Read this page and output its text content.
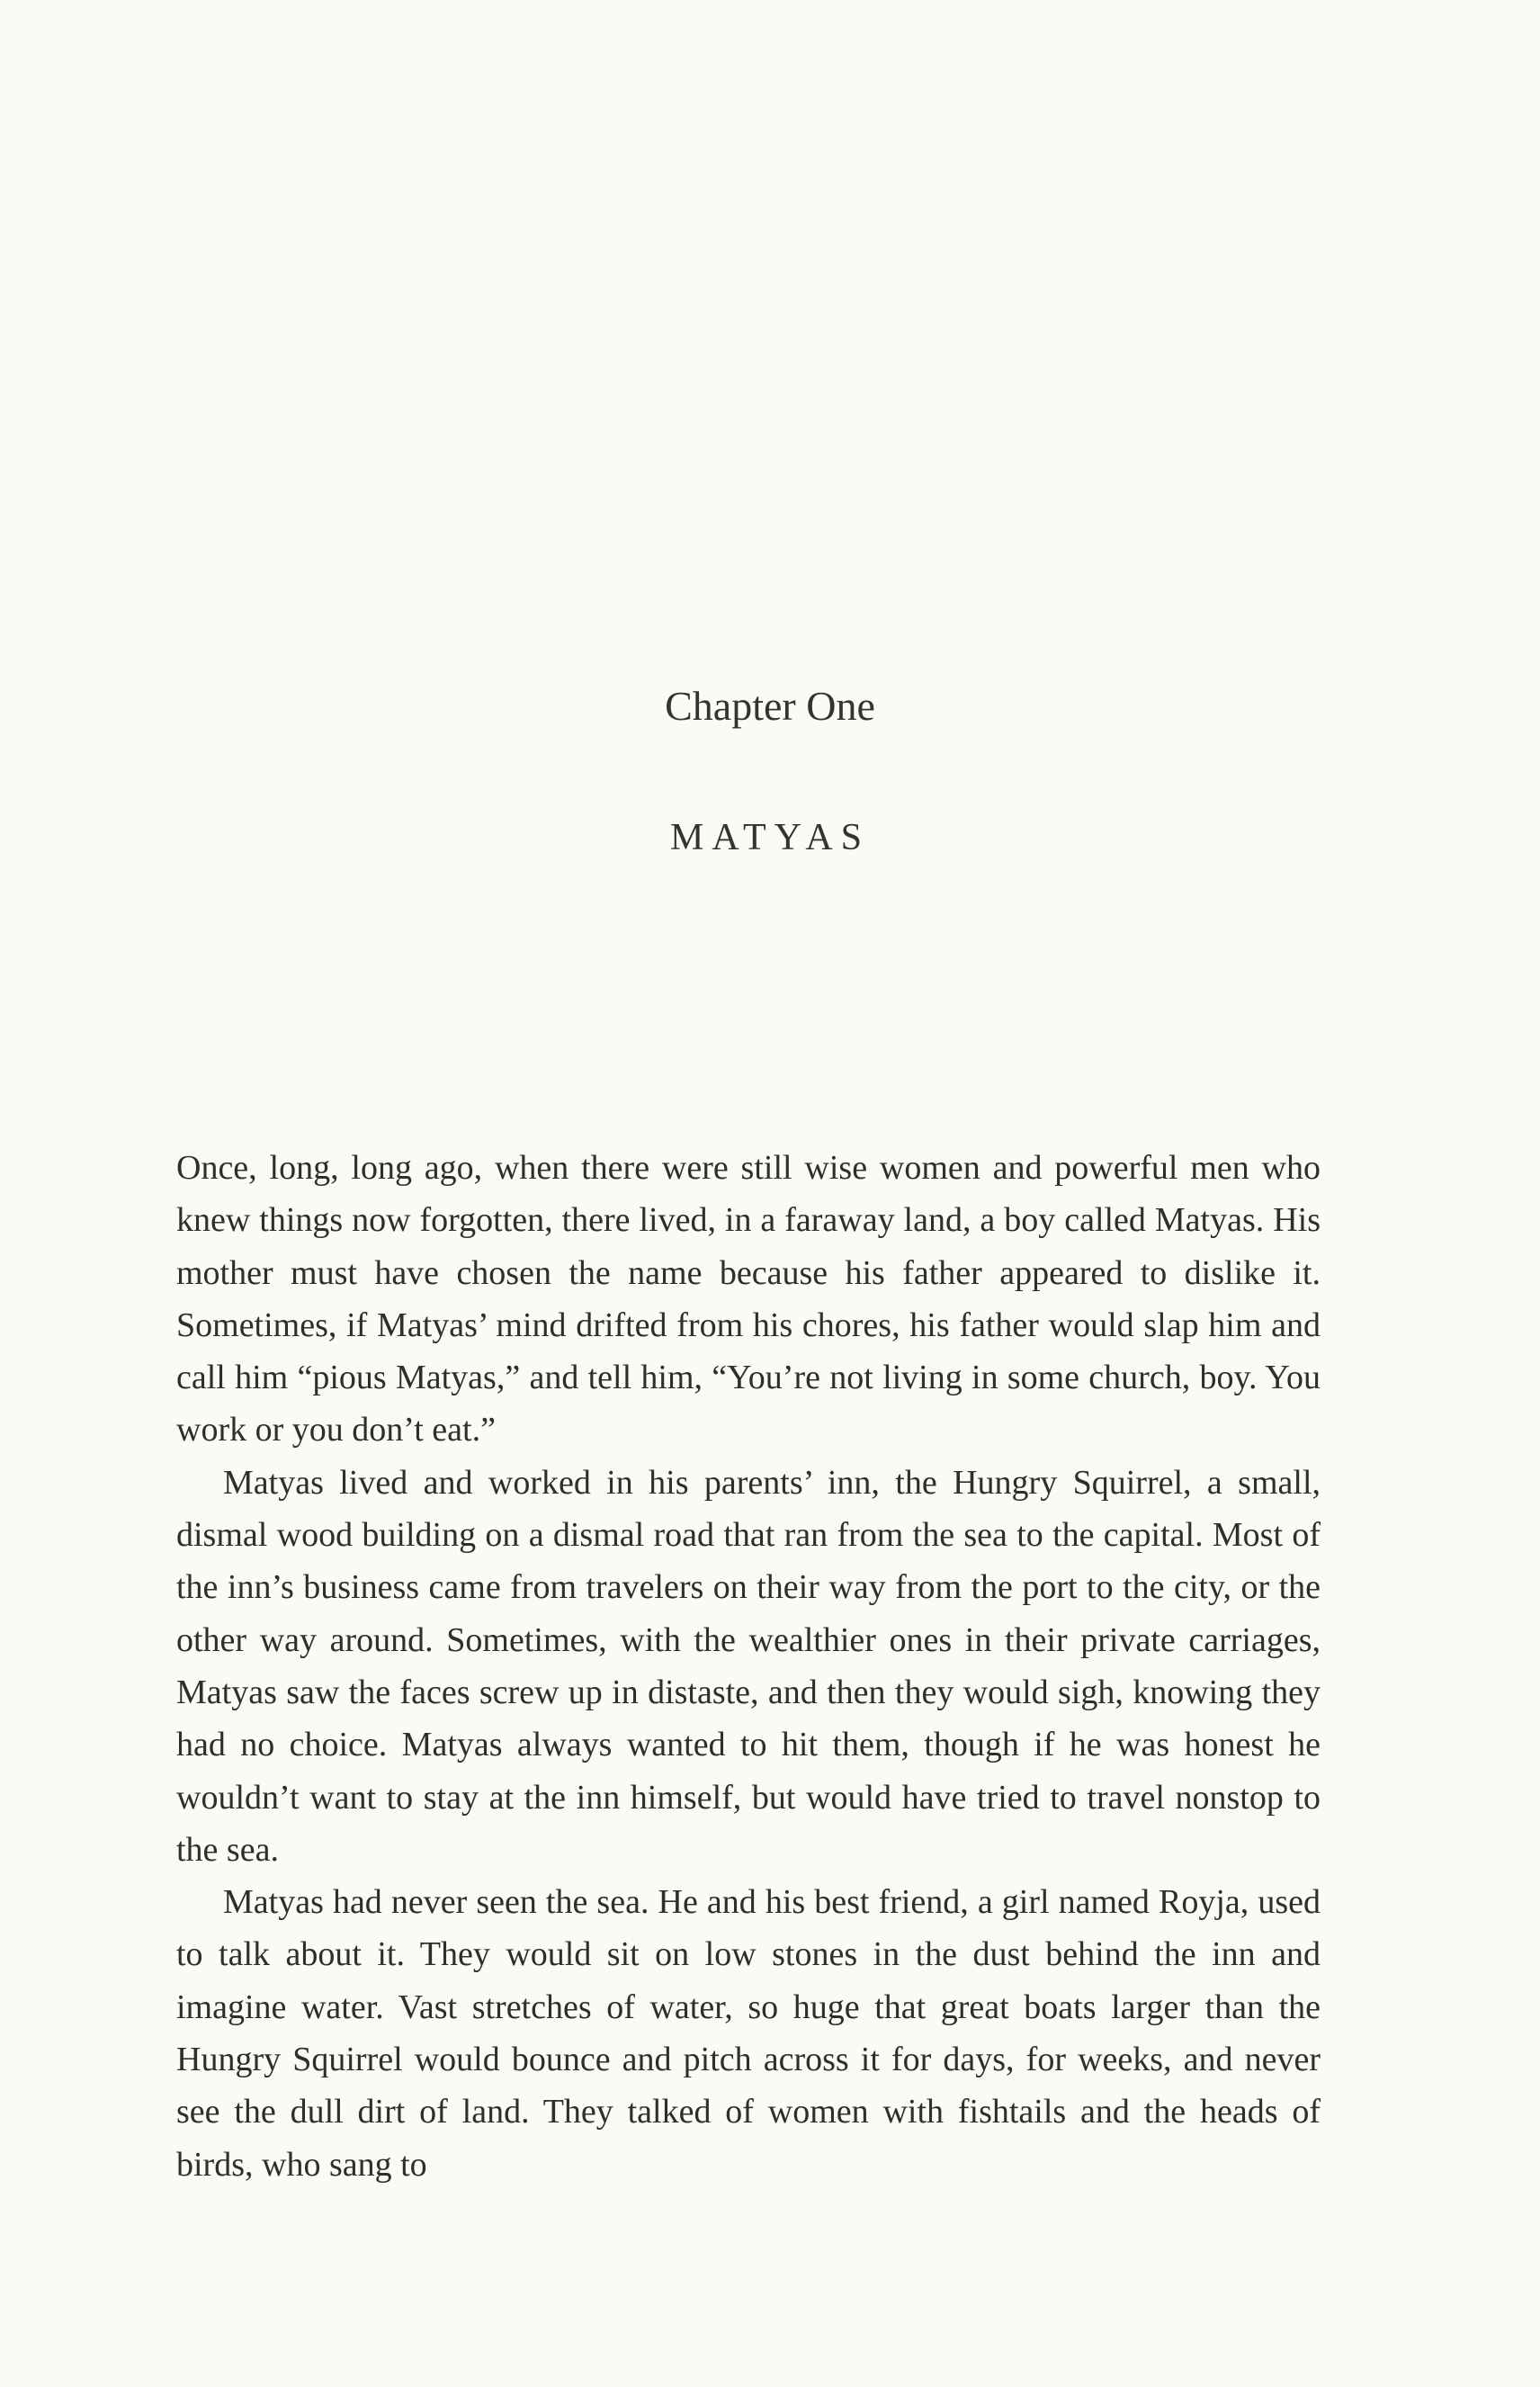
Chapter One
MATYAS

Once, long, long ago, when there were still wise women and powerful men who knew things now forgotten, there lived, in a faraway land, a boy called Matyas. His mother must have chosen the name because his father appeared to dislike it. Sometimes, if Matyas’ mind drifted from his chores, his father would slap him and call him “pious Matyas,” and tell him, “You’re not living in some church, boy. You work or you don’t eat.”

Matyas lived and worked in his parents’ inn, the Hungry Squirrel, a small, dismal wood building on a dismal road that ran from the sea to the capital. Most of the inn’s business came from travelers on their way from the port to the city, or the other way around. Sometimes, with the wealthier ones in their private carriages, Matyas saw the faces screw up in distaste, and then they would sigh, knowing they had no choice. Matyas always wanted to hit them, though if he was honest he wouldn’t want to stay at the inn himself, but would have tried to travel nonstop to the sea.

Matyas had never seen the sea. He and his best friend, a girl named Royja, used to talk about it. They would sit on low stones in the dust behind the inn and imagine water. Vast stretches of water, so huge that great boats larger than the Hungry Squirrel would bounce and pitch across it for days, for weeks, and never see the dull dirt of land. They talked of women with fishtails and the heads of birds, who sang to
